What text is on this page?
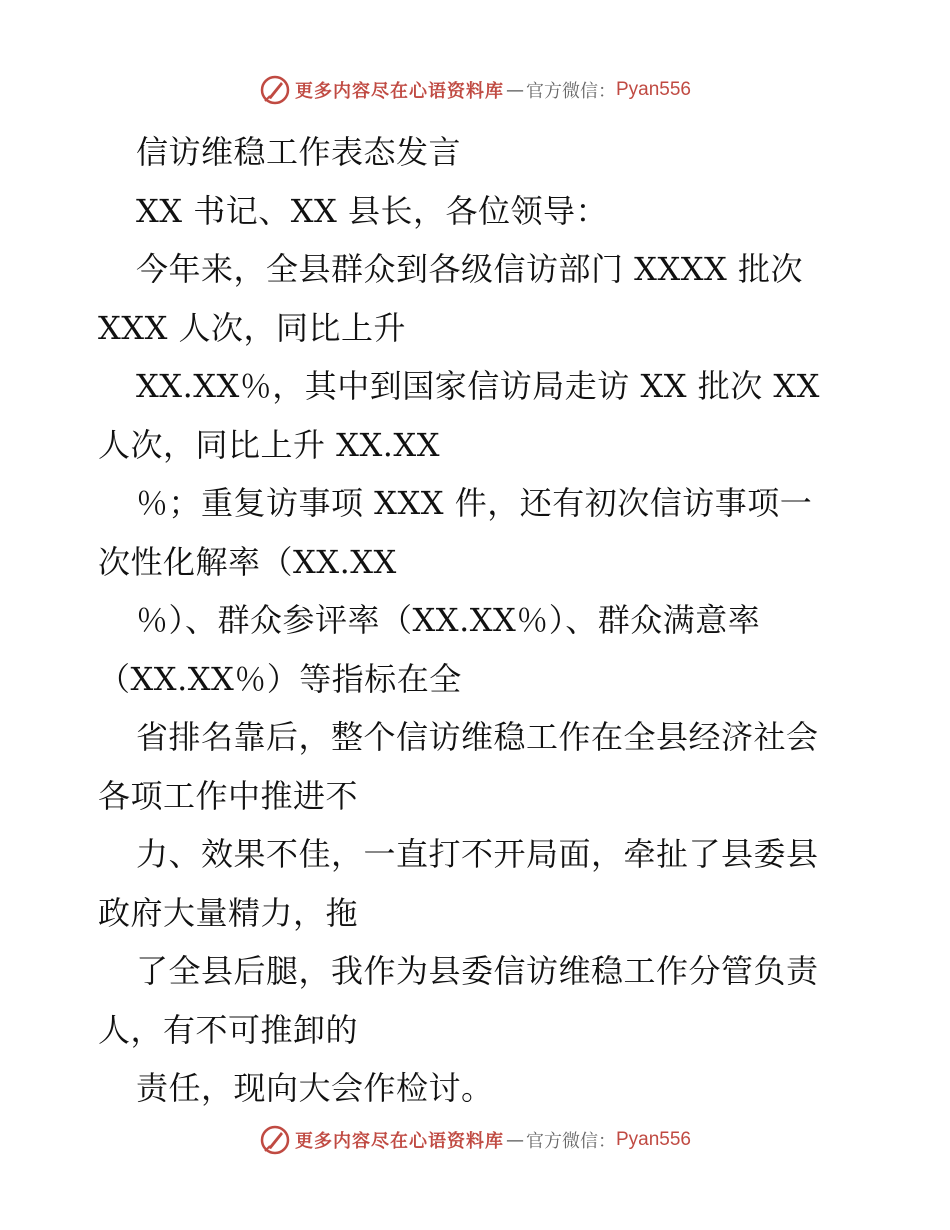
更多内容尽在心语资料库 — 官方微信： Pyan556
信访维稳工作表态发言
XX 书记、XX 县长，各位领导：
今年来，全县群众到各级信访部门 XXXX 批次
XXX 人次，同比上升
XX.XX％，其中到国家信访局走访 XX 批次 XX
人次，同比上升 XX.XX
％；重复访事项 XXX 件，还有初次信访事项一
次性化解率（XX.XX
％）、群众参评率（XX.XX％）、群众满意率
（XX.XX％）等指标在全
省排名靠后，整个信访维稳工作在全县经济社会
各项工作中推进不
力、效果不佳，一直打不开局面，牵扯了县委县
政府大量精力，拖
了全县后腿，我作为县委信访维稳工作分管负责
人，有不可推卸的
责任，现向大会作检讨。
更多内容尽在心语资料库 — 官方微信： Pyan556
